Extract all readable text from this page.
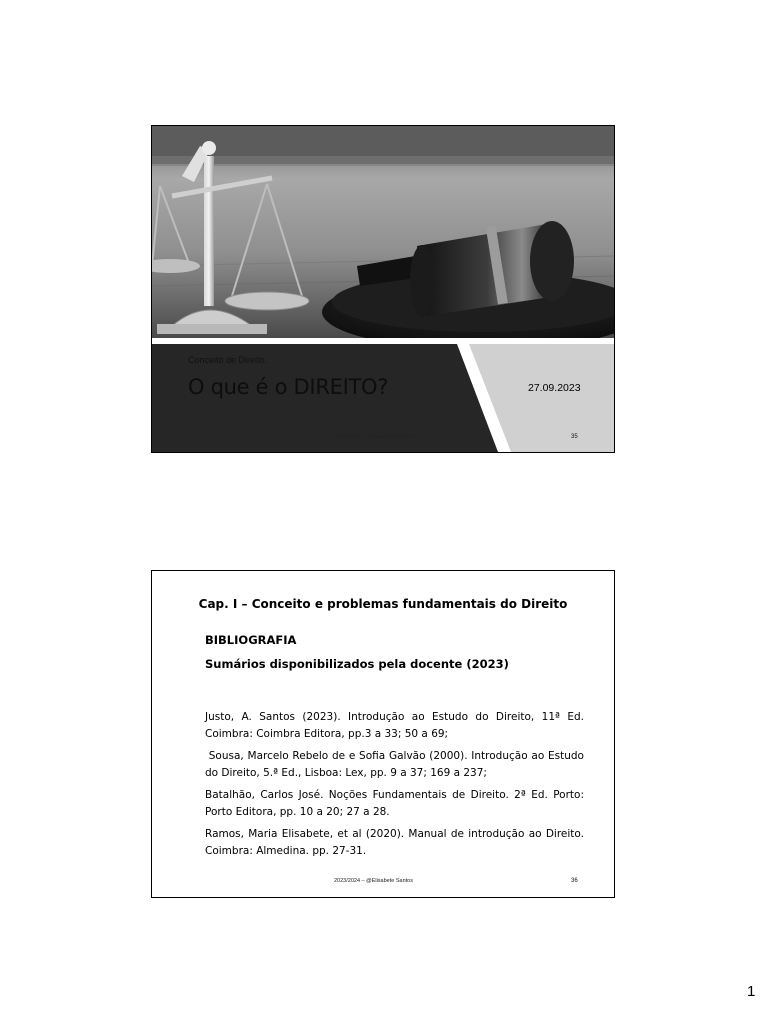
Conceito de Direito.
O que é o DIREITO?	27.09.2023
2023/2024 – @Elisabete Santos	35
Cap. I – Conceito e problemas fundamentais do Direito
BIBLIOGRAFIA
Sumários disponibilizados pela docente (2023)

Justo, A. Santos (2023). Introdução ao Estudo do Direito, 11ª Ed. Coimbra: Coimbra Editora, pp.3 a 33; 50 a 69;

Sousa, Marcelo Rebelo de e Sofia Galvão (2000). Introdução ao Estudo do Direito, 5.ª Ed., Lisboa: Lex, pp. 9 a 37; 169 a 237;

Batalhão, Carlos José. Noções Fundamentais de Direito. 2ª Ed. Porto: Porto Editora, pp. 10 a 20; 27 a 28.

Ramos, Maria Elisabete, et al (2020). Manual de introdução ao Direito. Coimbra: Almedina. pp. 27-31.

2023/2024 – @Elisabete Santos	36
1
